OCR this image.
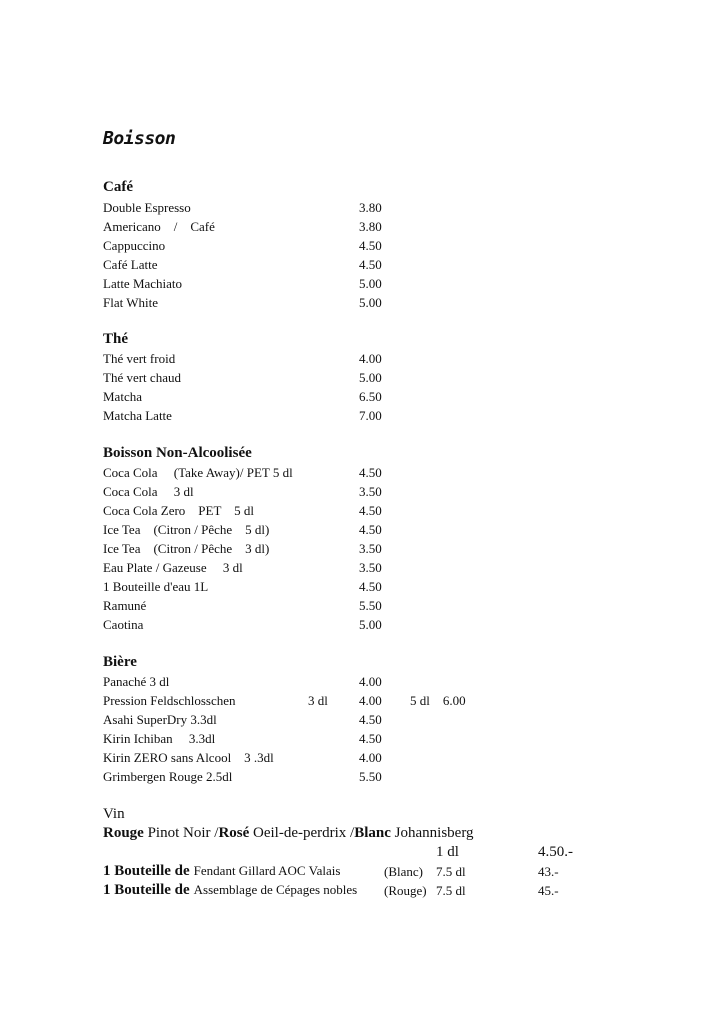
Boisson
Café
Double Espresso	3.80
Americano　/　Café	3.80
Cappuccino	4.50
Café Latte	4.50
Latte Machiato	5.00
Flat White	5.00
Thé
Thé vert froid	4.00
Thé vert chaud	5.00
Matcha	6.50
Matcha Latte	7.00
Boisson Non-Alcoolisée
Coca Cola　 (Take Away)/ PET 5 dl	4.50
Coca Cola　 3 dl	3.50
Coca Cola Zero　PET　5 dl	4.50
Ice Tea　(Citron / Pêche　5 dl)	4.50
Ice Tea　(Citron / Pêche　3 dl)	3.50
Eau Plate / Gazeuse　 3 dl	3.50
1 Bouteille d'eau 1L	4.50
Ramuné	5.50
Caotina	5.00
Bière
Panaché 3 dl	4.00
Pression Feldschlosschen	3 dl 4.00 5 dl　6.00
Asahi SuperDry 3.3dl	4.50
Kirin Ichiban　 3.3dl	4.50
Kirin ZERO sans Alcool　3 .3dl	4.00
Grimbergen Rouge 2.5dl	5.50
Vin
Rouge Pinot Noir /Rosé Oeil-de-perdrix /Blanc Johannisberg
1 dl	4.50.-
1 Bouteille de Fendant Gillard AOC Valais	(Blanc) 7.5 dl	43.-
1 Bouteille de Assemblage de Cépages nobles (Rouge) 7.5 dl	45.-
